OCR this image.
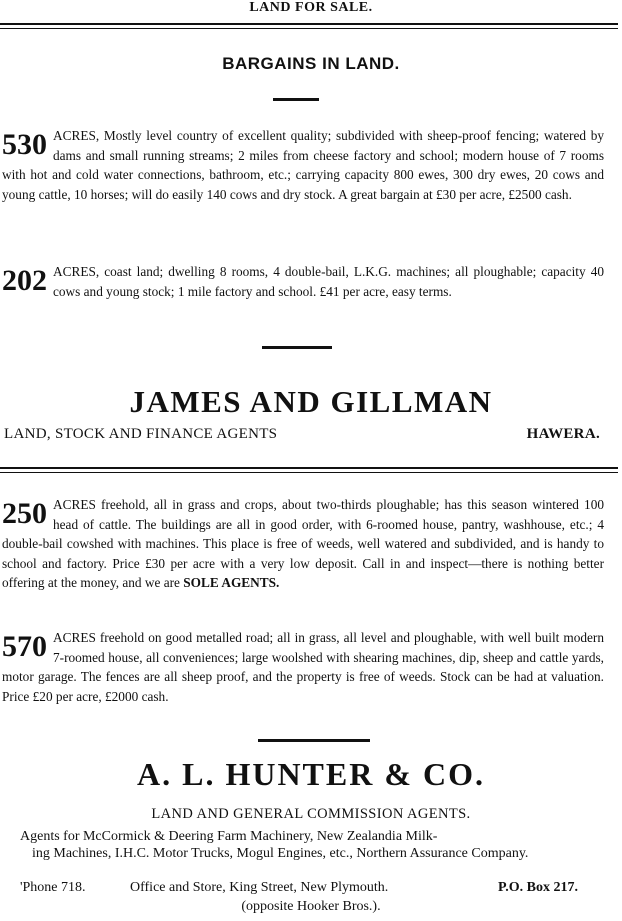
LAND FOR SALE.
BARGAINS IN LAND.
530 ACRES, Mostly level country of excellent quality; subdivided with sheep-proof fencing; watered by dams and small running streams; 2 miles from cheese factory and school; modern house of 7 rooms with hot and cold water connections, bathroom, etc.; carrying capacity 800 ewes, 300 dry ewes, 20 cows and young cattle, 10 horses; will do easily 140 cows and dry stock. A great bargain at £30 per acre, £2500 cash.
202 ACRES, coast land; dwelling 8 rooms, 4 double-bail, L.K.G. machines; all ploughable; capacity 40 cows and young stock; 1 mile factory and school. £41 per acre, easy terms.
JAMES AND GILLMAN
LAND, STOCK AND FINANCE AGENTS	HAWERA.
250 ACRES freehold, all in grass and crops, about two-thirds ploughable; has this season wintered 100 head of cattle. The buildings are all in good order, with 6-roomed house, pantry, washhouse, etc.; 4 double-bail cowshed with machines. This place is free of weeds, well watered and subdivided, and is handy to school and factory. Price £30 per acre with a very low deposit. Call in and inspect—there is nothing better offering at the money, and we are SOLE AGENTS.
570 ACRES freehold on good metalled road; all in grass, all level and ploughable, with well built modern 7-roomed house, all conveniences; large woolshed with shearing machines, dip, sheep and cattle yards, motor garage. The fences are all sheep proof, and the property is free of weeds. Stock can be had at valuation. Price £20 per acre, £2000 cash.
A. L. HUNTER & CO.
LAND AND GENERAL COMMISSION AGENTS.
Agents for McCormick & Deering Farm Machinery, New Zealandia Milk-
ing Machines, I.H.C. Motor Trucks, Mogul Engines, etc., Northern Assurance Company.
'Phone 718.	Office and Store, King Street, New Plymouth.	P.O. Box 217.
(opposite Hooker Bros.).
